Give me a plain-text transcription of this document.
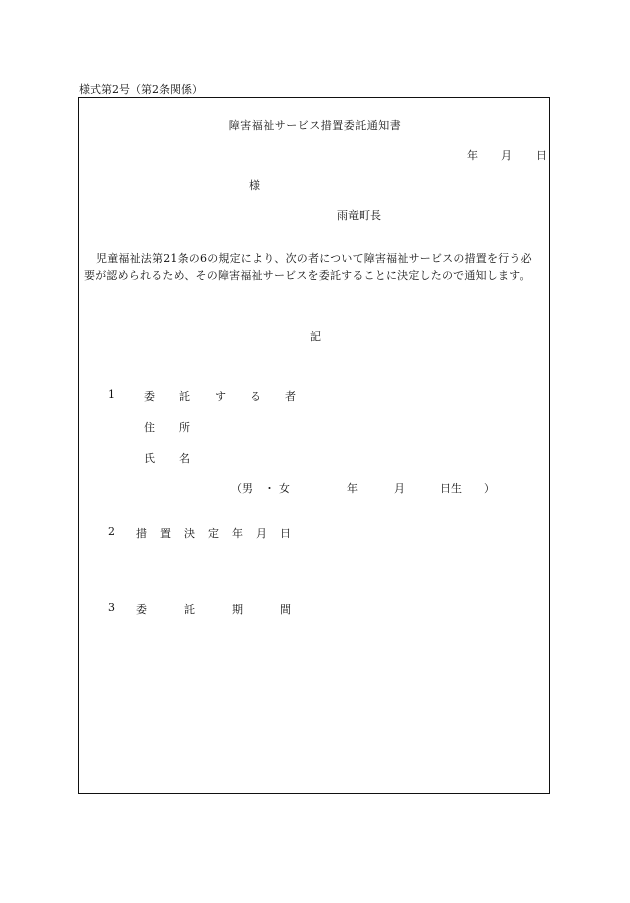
様式第2号（第2条関係）
障害福祉サービス措置委託通知書
年 月 日
様
雨竜町長
児童福祉法第21条の6の規定により、次の者について障害福祉サービスの措置を行う必
要が認められるため、その障害福祉サービスを委託することに決定したので通知します。
記
1	委 託 す る 者
住 所
氏 名
（男 ・ 女	年	月	日生 ）
2 措 置 決 定 年 月 日
3 委	託	期	間
